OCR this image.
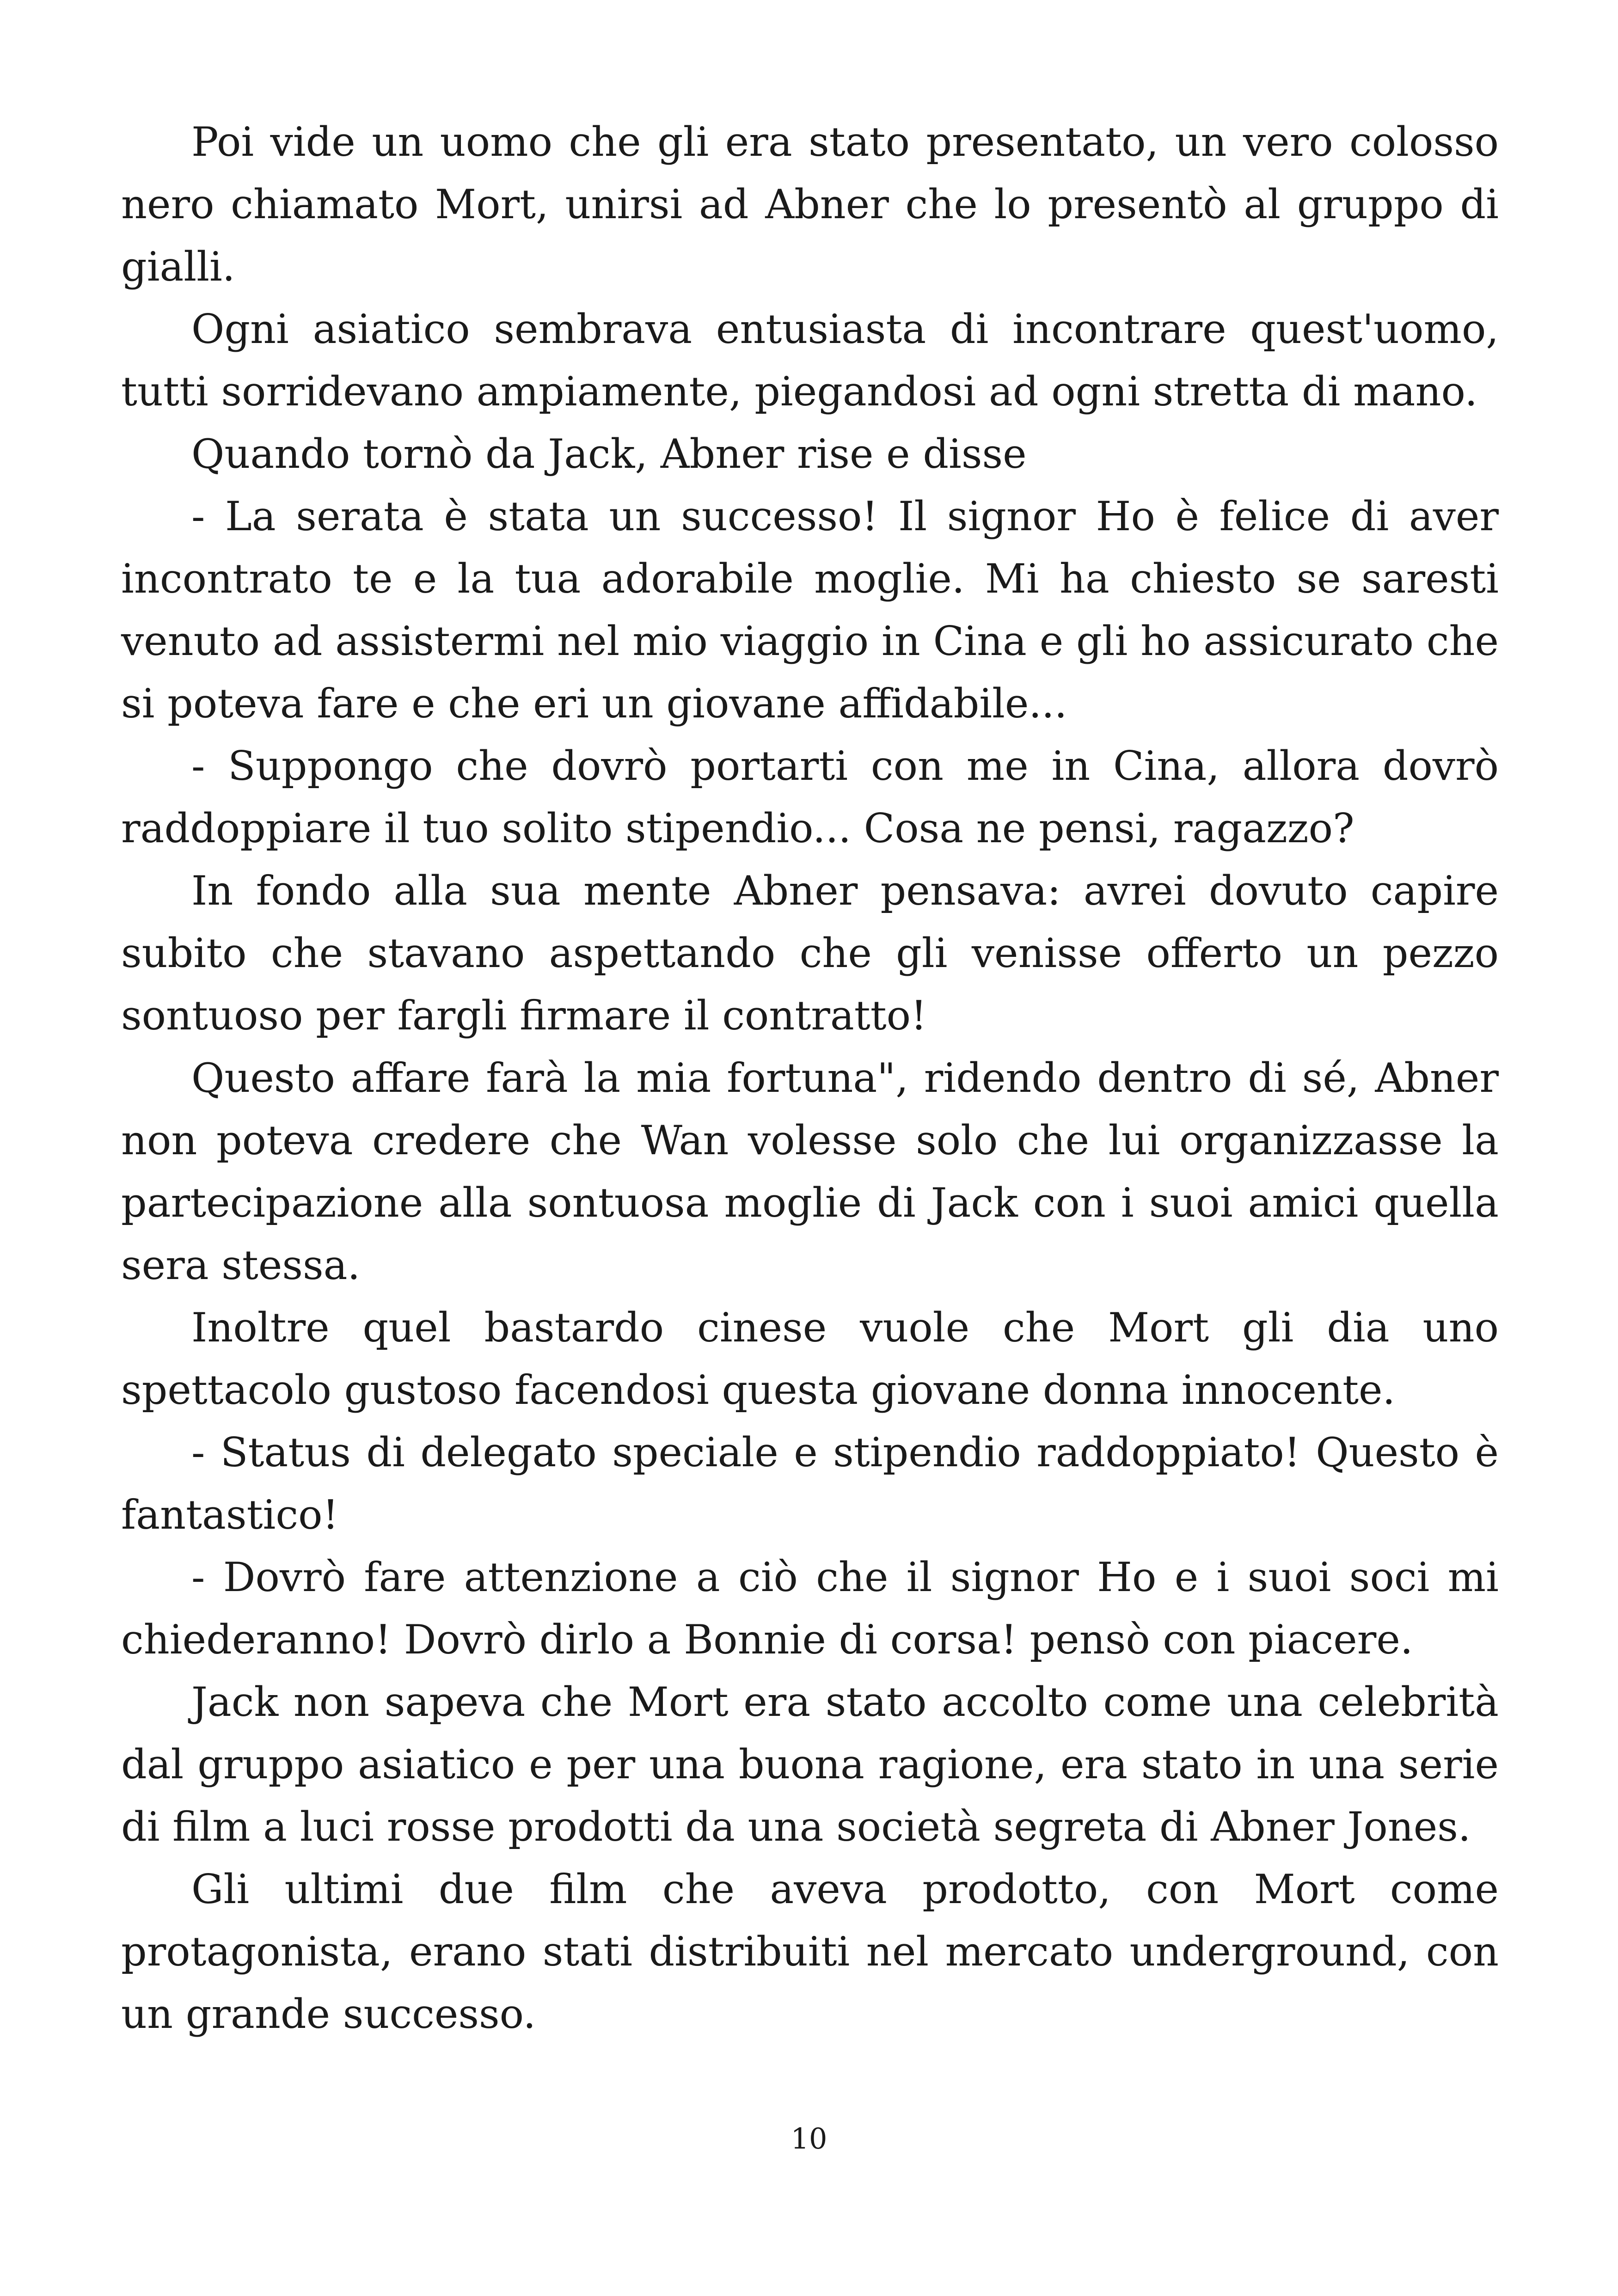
Poi vide un uomo che gli era stato presentato, un vero colosso nero chiamato Mort, unirsi ad Abner che lo presentò al gruppo di gialli.

Ogni asiatico sembrava entusiasta di incontrare quest'uomo, tutti sorridevano ampiamente, piegandosi ad ogni stretta di mano.

Quando tornò da Jack, Abner rise e disse

- La serata è stata un successo! Il signor Ho è felice di aver incontrato te e la tua adorabile moglie. Mi ha chiesto se saresti venuto ad assistermi nel mio viaggio in Cina e gli ho assicurato che si poteva fare e che eri un giovane affidabile...

- Suppongo che dovrò portarti con me in Cina, allora dovrò raddoppiare il tuo solito stipendio... Cosa ne pensi, ragazzo?

In fondo alla sua mente Abner pensava: avrei dovuto capire subito che stavano aspettando che gli venisse offerto un pezzo sontuoso per fargli firmare il contratto!

Questo affare farà la mia fortuna", ridendo dentro di sé, Abner non poteva credere che Wan volesse solo che lui organizzasse la partecipazione alla sontuosa moglie di Jack con i suoi amici quella sera stessa.

Inoltre quel bastardo cinese vuole che Mort gli dia uno spettacolo gustoso facendosi questa giovane donna innocente.

- Status di delegato speciale e stipendio raddoppiato! Questo è fantastico!

- Dovrò fare attenzione a ciò che il signor Ho e i suoi soci mi chiederanno! Dovrò dirlo a Bonnie di corsa! pensò con piacere.

Jack non sapeva che Mort era stato accolto come una celebrità dal gruppo asiatico e per una buona ragione, era stato in una serie di film a luci rosse prodotti da una società segreta di Abner Jones.

Gli ultimi due film che aveva prodotto, con Mort come protagonista, erano stati distribuiti nel mercato underground, con un grande successo.

10
